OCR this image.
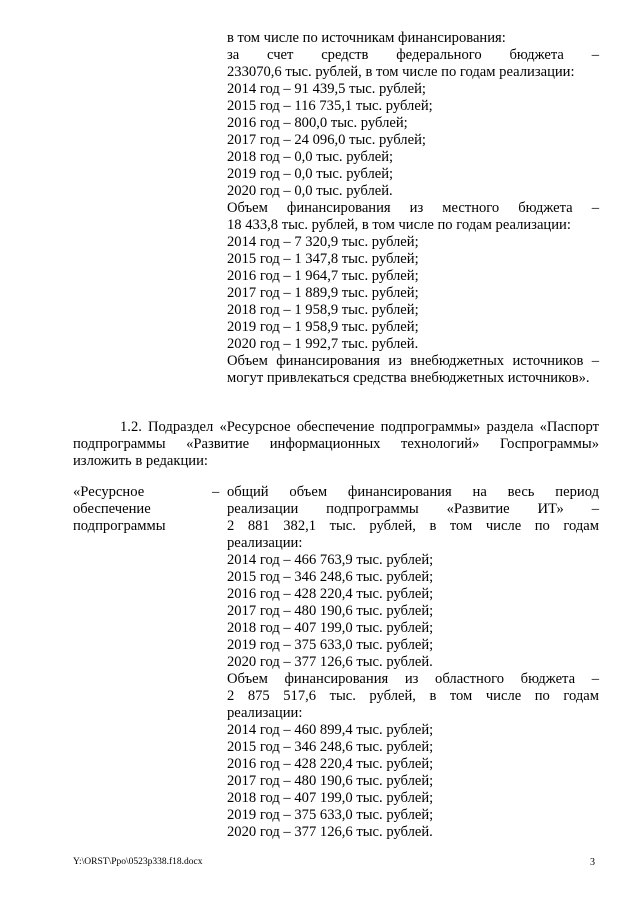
в том числе по источникам финансирования:
за счет средств федерального бюджета –
233070,6 тыс. рублей, в том числе по годам реализации:
2014 год – 91 439,5 тыс. рублей;
2015 год – 116 735,1 тыс. рублей;
2016 год – 800,0 тыс. рублей;
2017 год – 24 096,0 тыс. рублей;
2018 год – 0,0 тыс. рублей;
2019 год – 0,0 тыс. рублей;
2020 год – 0,0 тыс. рублей.
Объем финансирования из местного бюджета –
18 433,8 тыс. рублей, в том числе по годам реализации:
2014 год – 7 320,9 тыс. рублей;
2015 год – 1 347,8 тыс. рублей;
2016 год – 1 964,7 тыс. рублей;
2017 год – 1 889,9 тыс. рублей;
2018 год – 1 958,9 тыс. рублей;
2019 год – 1 958,9 тыс. рублей;
2020 год – 1 992,7 тыс. рублей.
Объем финансирования из внебюджетных источников –
могут привлекаться средства внебюджетных источников».
1.2. Подраздел «Ресурсное обеспечение подпрограммы» раздела «Паспорт
подпрограммы «Развитие информационных технологий» Госпрограммы»
изложить в редакции:
«Ресурсное
обеспечение
подпрограммы
– общий объем финансирования на весь период
реализации подпрограммы «Развитие ИТ» –
2 881 382,1 тыс. рублей, в том числе по годам
реализации:
2014 год – 466 763,9 тыс. рублей;
2015 год – 346 248,6 тыс. рублей;
2016 год – 428 220,4 тыс. рублей;
2017 год – 480 190,6 тыс. рублей;
2018 год – 407 199,0 тыс. рублей;
2019 год – 375 633,0 тыс. рублей;
2020 год – 377 126,6 тыс. рублей.
Объем финансирования из областного бюджета –
2 875 517,6 тыс. рублей, в том числе по годам
реализации:
2014 год – 460 899,4 тыс. рублей;
2015 год – 346 248,6 тыс. рублей;
2016 год – 428 220,4 тыс. рублей;
2017 год – 480 190,6 тыс. рублей;
2018 год – 407 199,0 тыс. рублей;
2019 год – 375 633,0 тыс. рублей;
2020 год – 377 126,6 тыс. рублей.
Y:\ORST\Ppo\0523p338.f18.docx	3
